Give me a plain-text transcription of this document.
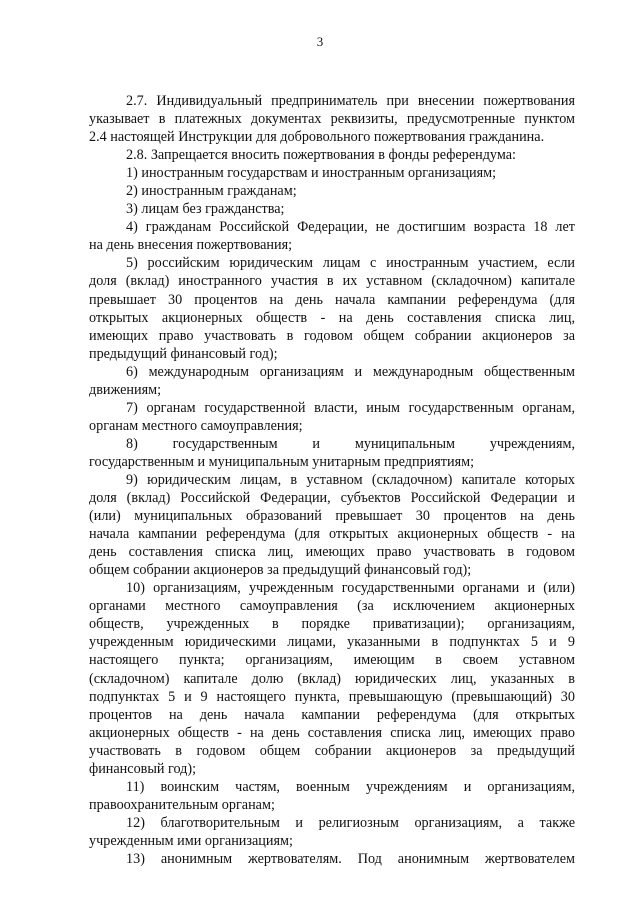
3

2.7. Индивидуальный предприниматель при внесении пожертвования
указывает в платежных документах реквизиты, предусмотренные пунктом
2.4 настоящей Инструкции для добровольного пожертвования гражданина.

2.8. Запрещается вносить пожертвования в фонды референдума:

1) иностранным государствам и иностранным организациям;

2) иностранным гражданам;

3) лицам без гражданства;

4) гражданам Российской Федерации, не достигшим возраста 18 лет
на день внесения пожертвования;

5) российским юридическим лицам с иностранным участием, если
доля (вклад) иностранного участия в их уставном (складочном) капитале
превышает 30 процентов на день начала кампании референдума (для
открытых акционерных обществ - на день составления списка лиц,
имеющих право участвовать в годовом общем собрании акционеров за
предыдущий финансовый год);

6) международным организациям и международным общественным
движениям;

7) органам государственной власти, иным государственным органам,
органам местного самоуправления;

8) государственным и муниципальным учреждениям,
государственным и муниципальным унитарным предприятиям;

9) юридическим лицам, в уставном (складочном) капитале которых
доля (вклад) Российской Федерации, субъектов Российской Федерации и
(или) муниципальных образований превышает 30 процентов на день
начала кампании референдума (для открытых акционерных обществ - на
день составления списка лиц, имеющих право участвовать в годовом
общем собрании акционеров за предыдущий финансовый год);

10) организациям, учрежденным государственными органами и (или)
органами местного самоуправления (за исключением акционерных
обществ, учрежденных в порядке приватизации); организациям,
учрежденным юридическими лицами, указанными в подпунктах 5 и 9
настоящего пункта; организациям, имеющим в своем уставном
(складочном) капитале долю (вклад) юридических лиц, указанных в
подпунктах 5 и 9 настоящего пункта, превышающую (превышающий) 30
процентов на день начала кампании референдума (для открытых
акционерных обществ - на день составления списка лиц, имеющих право
участвовать в годовом общем собрании акционеров за предыдущий
финансовый год);

11) воинским частям, военным учреждениям и организациям,
правоохранительным органам;

12) благотворительным и религиозным организациям, а также
учрежденным ими организациям;

13) анонимным жертвователям. Под анонимным жертвователем
